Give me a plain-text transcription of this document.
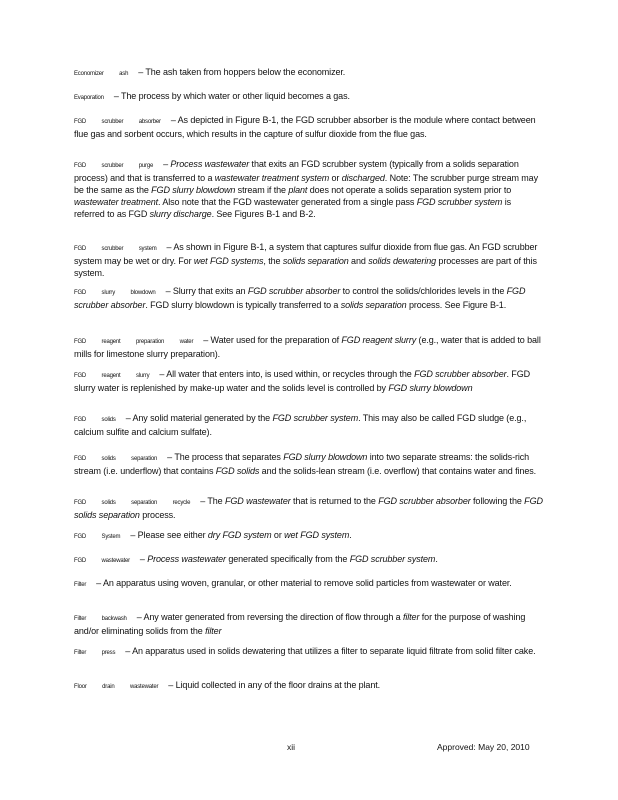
Economizer ash – The ash taken from hoppers below the economizer.
Evaporation – The process by which water or other liquid becomes a gas.
FGD scrubber absorber – As depicted in Figure B-1, the FGD scrubber absorber is the module where contact between flue gas and sorbent occurs, which results in the capture of sulfur dioxide from the flue gas.
FGD scrubber purge – Process wastewater that exits an FGD scrubber system (typically from a solids separation process) and that is transferred to a wastewater treatment system or discharged. Note: The scrubber purge stream may be the same as the FGD slurry blowdown stream if the plant does not operate a solids separation system prior to wastewater treatment. Also note that the FGD wastewater generated from a single pass FGD scrubber system is referred to as FGD slurry discharge. See Figures B-1 and B-2.
FGD scrubber system – As shown in Figure B-1, a system that captures sulfur dioxide from flue gas. An FGD scrubber system may be wet or dry. For wet FGD systems, the solids separation and solids dewatering processes are part of this system.
FGD slurry blowdown – Slurry that exits an FGD scrubber absorber to control the solids/chlorides levels in the FGD scrubber absorber. FGD slurry blowdown is typically transferred to a solids separation process. See Figure B-1.
FGD reagent preparation water – Water used for the preparation of FGD reagent slurry (e.g., water that is added to ball mills for limestone slurry preparation).
FGD reagent slurry – All water that enters into, is used within, or recycles through the FGD scrubber absorber. FGD slurry water is replenished by make-up water and the solids level is controlled by FGD slurry blowdown
FGD solids – Any solid material generated by the FGD scrubber system. This may also be called FGD sludge (e.g., calcium sulfite and calcium sulfate).
FGD solids separation – The process that separates FGD slurry blowdown into two separate streams: the solids-rich stream (i.e. underflow) that contains FGD solids and the solids-lean stream (i.e. overflow) that contains water and fines.
FGD solids separation recycle – The FGD wastewater that is returned to the FGD scrubber absorber following the FGD solids separation process.
FGD System – Please see either dry FGD system or wet FGD system.
FGD wastewater – Process wastewater generated specifically from the FGD scrubber system.
Filter – An apparatus using woven, granular, or other material to remove solid particles from wastewater or water.
Filter backwash – Any water generated from reversing the direction of flow through a filter for the purpose of washing and/or eliminating solids from the filter
Filter press – An apparatus used in solids dewatering that utilizes a filter to separate liquid filtrate from solid filter cake.
Floor drain wastewater – Liquid collected in any of the floor drains at the plant.
xii	Approved: May 20, 2010
